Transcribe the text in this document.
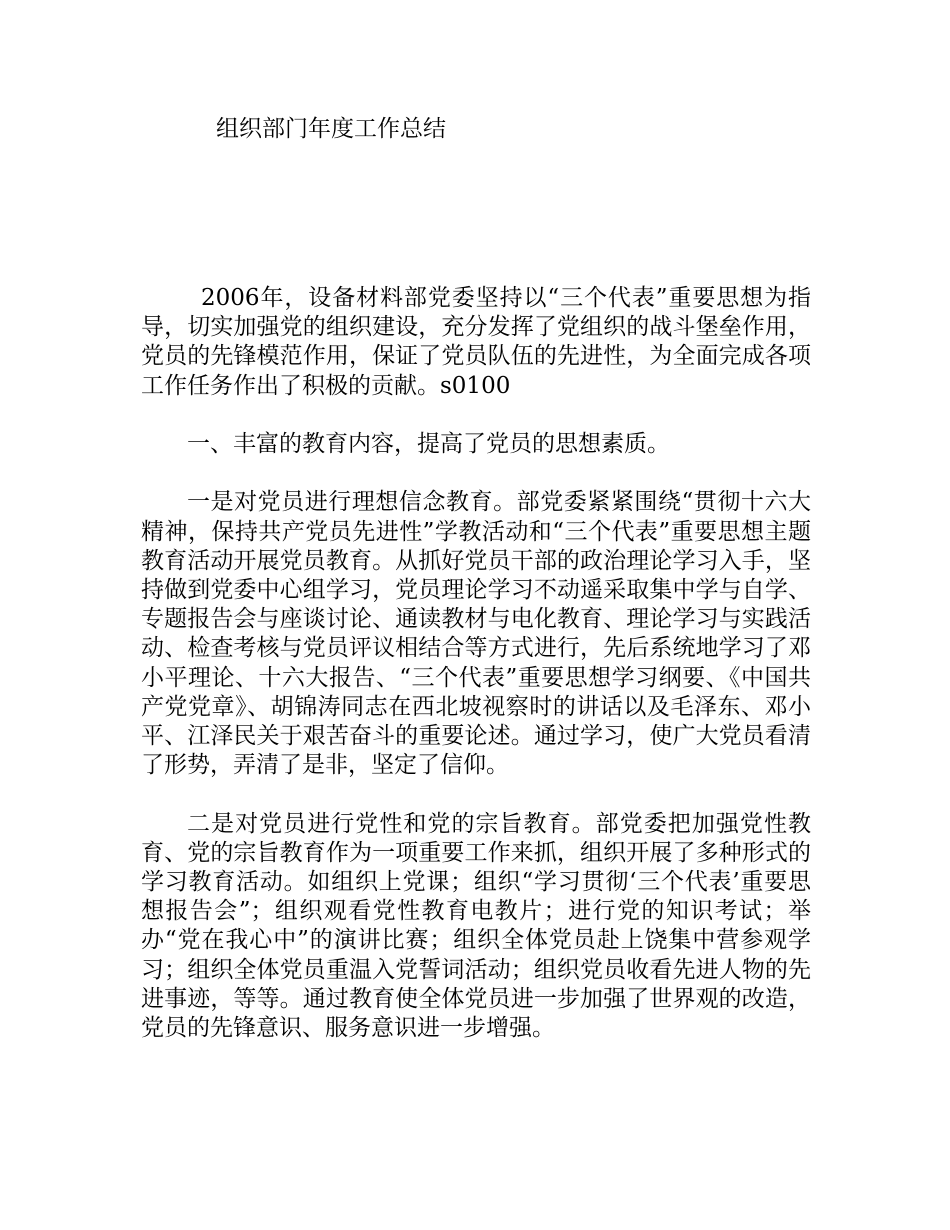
组织部门年度工作总结

2006年，设备材料部党委坚持以“三个代表”重要思想为指导，切实加强党的组织建设，充分发挥了党组织的战斗堡垒作用，党员的先锋模范作用，保证了党员队伍的先进性，为全面完成各项工作任务作出了积极的贡献。s0100

一、丰富的教育内容，提高了党员的思想素质。

一是对党员进行理想信念教育。部党委紧紧围绕“贯彻十六大精神，保持共产党员先进性”学教活动和“三个代表”重要思想主题教育活动开展党员教育。从抓好党员干部的政治理论学习入手，坚持做到党委中心组学习，党员理论学习不动遥采取集中学与自学、专题报告会与座谈讨论、通读教材与电化教育、理论学习与实践活动、检查考核与党员评议相结合等方式进行，先后系统地学习了邓小平理论、十六大报告、“三个代表”重要思想学习纲要、《中国共产党党章》、胡锦涛同志在西北坡视察时的讲话以及毛泽东、邓小平、江泽民关于艰苦奋斗的重要论述。通过学习，使广大党员看清了形势，弄清了是非，坚定了信仰。

二是对党员进行党性和党的宗旨教育。部党委把加强党性教育、党的宗旨教育作为一项重要工作来抓，组织开展了多种形式的学习教育活动。如组织上党课；组织“学习贯彻‘三个代表’重要思想报告会”；组织观看党性教育电教片；进行党的知识考试；举办“党在我心中”的演讲比赛；组织全体党员赴上饶集中营参观学习；组织全体党员重温入党誓词活动；组织党员收看先进人物的先进事迹，等等。通过教育使全体党员进一步加强了世界观的改造，党员的先锋意识、服务意识进一步增强。
